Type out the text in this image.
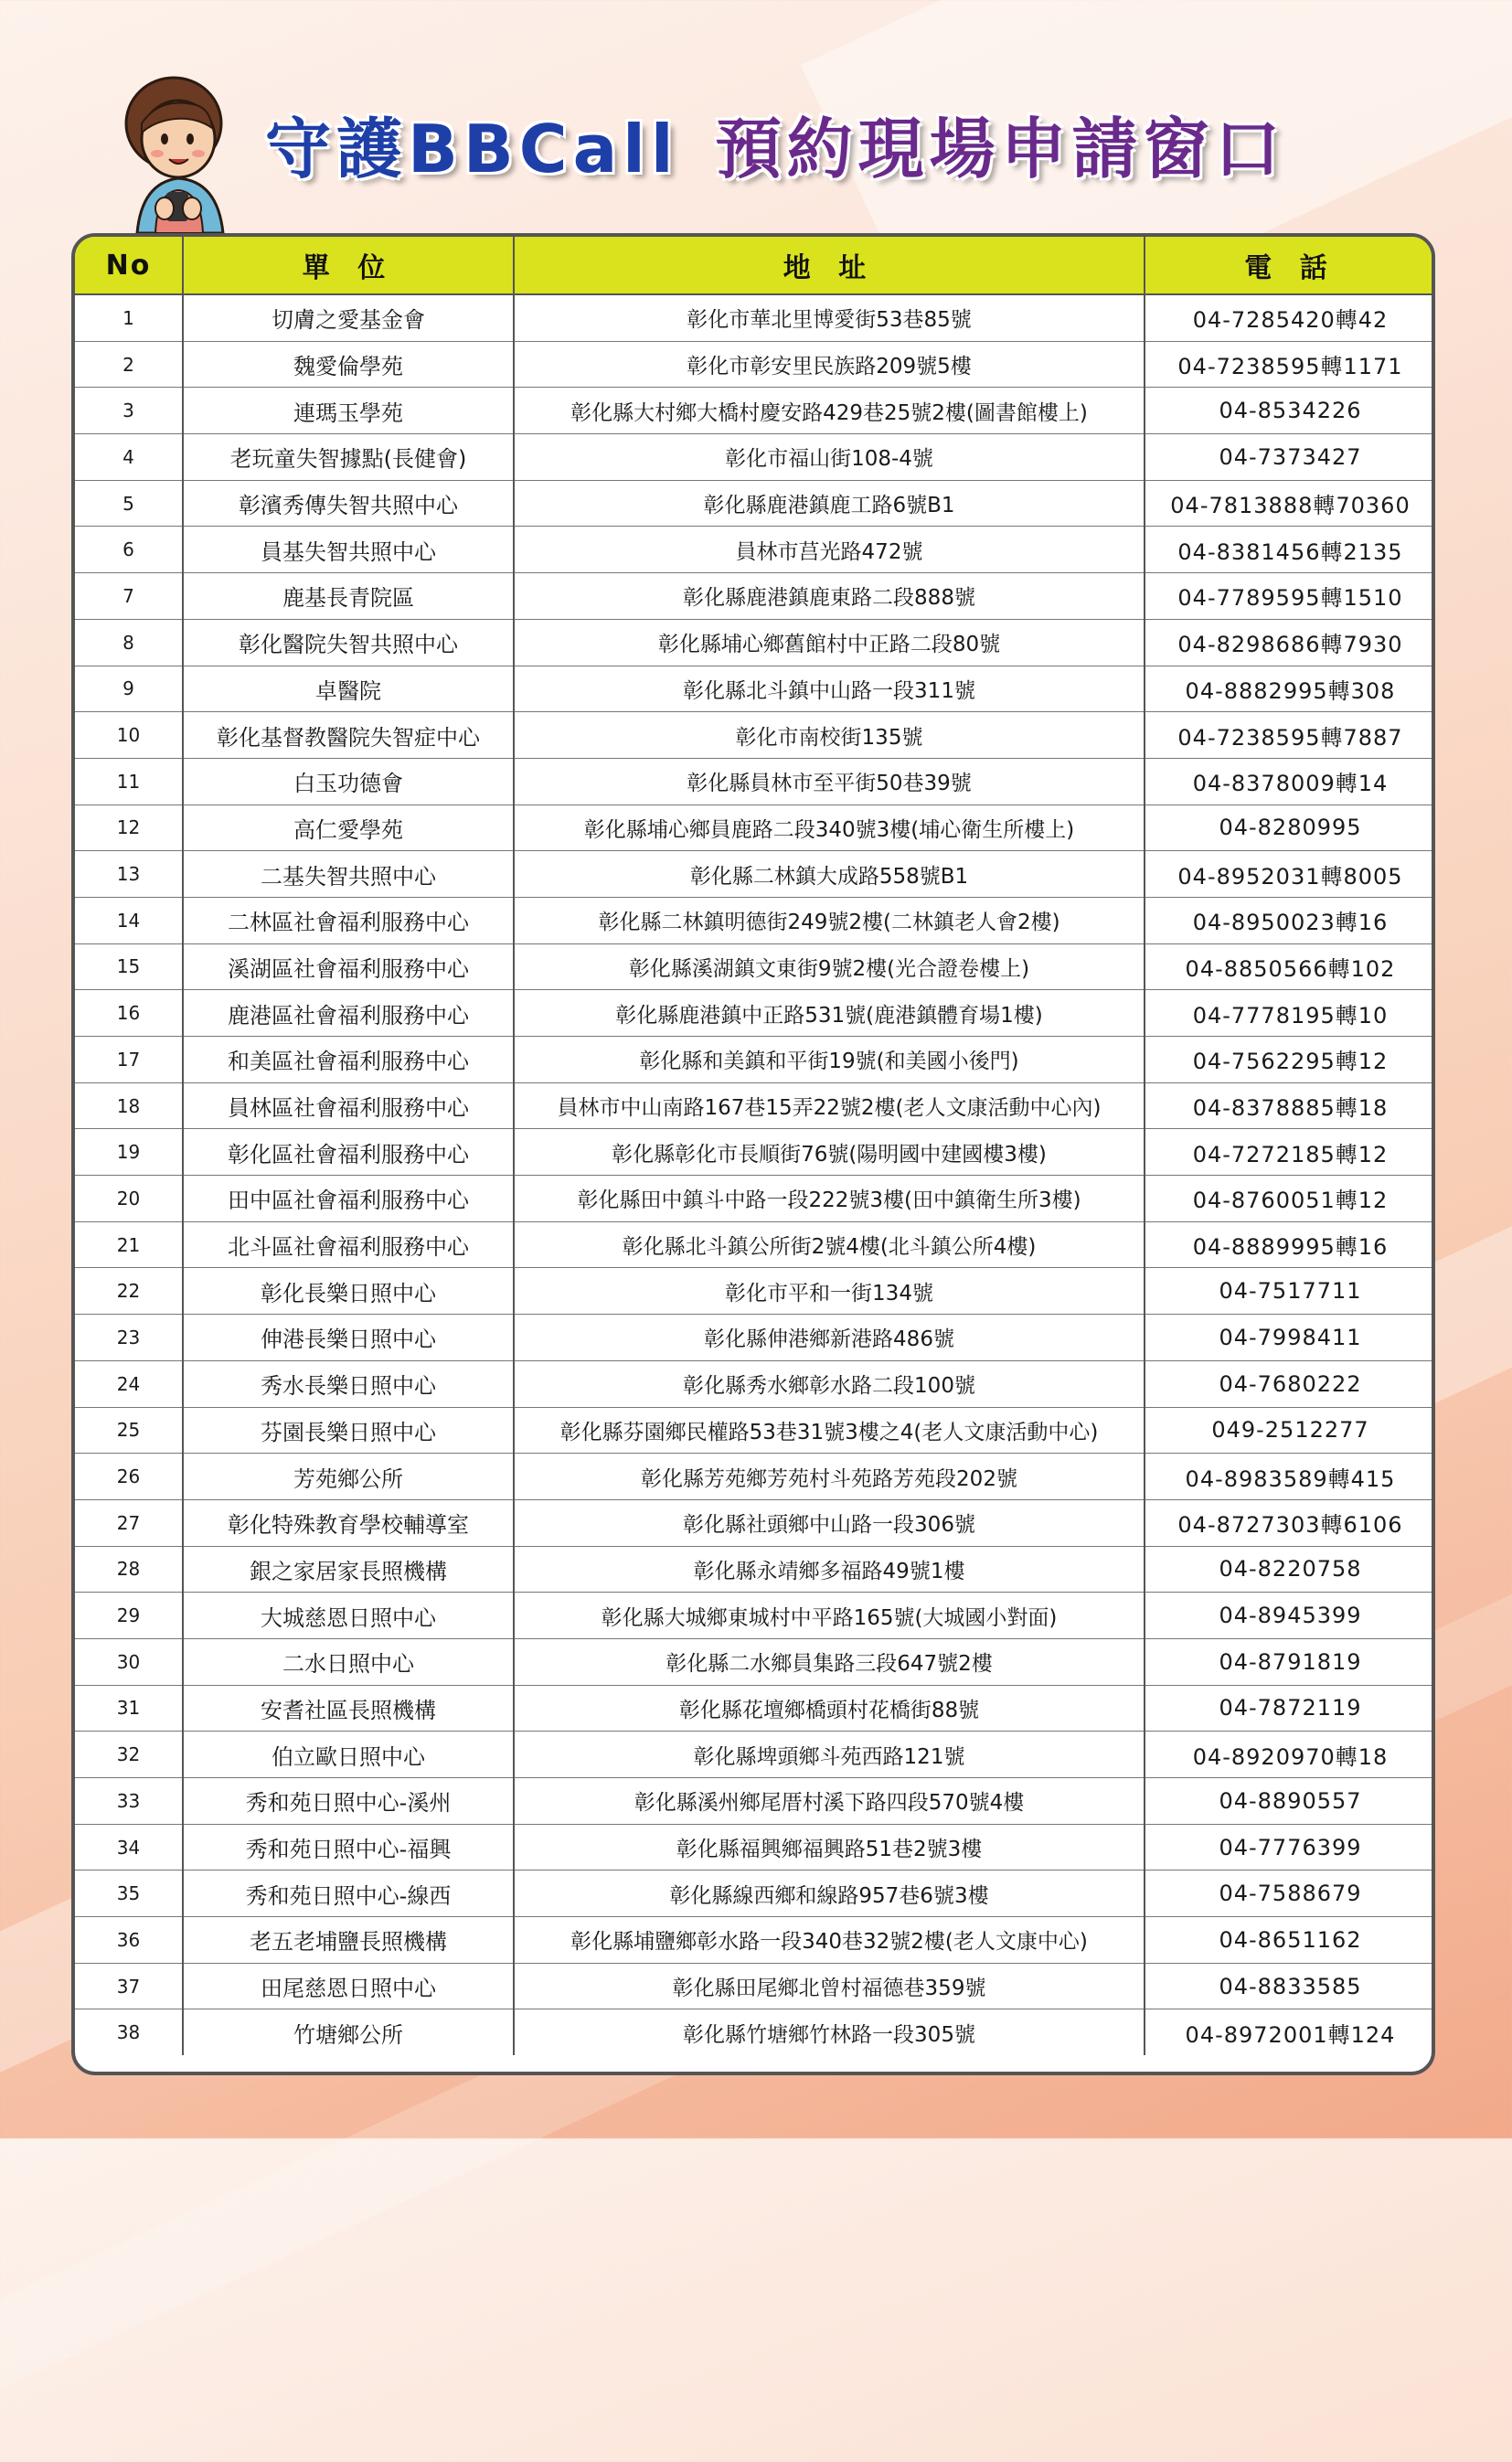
守護BBCall 預約現場申請窗口
No	單 位	地 址	電 話
1	切膚之愛基金會	彰化市華北里博愛街53巷85號	04-7285420轉42
2	魏愛倫學苑	彰化市彰安里民族路209號5樓	04-7238595轉1171
3	連瑪玉學苑	彰化縣大村鄉大橋村慶安路429巷25號2樓(圖書館樓上)	04-8534226
4	老玩童失智據點(長健會)	彰化市福山街108-4號	04-7373427
5	彰濱秀傳失智共照中心	彰化縣鹿港鎮鹿工路6號B1	04-7813888轉70360
6	員基失智共照中心	員林市莒光路472號	04-8381456轉2135
7	鹿基長青院區	彰化縣鹿港鎮鹿東路二段888號	04-7789595轉1510
8	彰化醫院失智共照中心	彰化縣埔心鄉舊館村中正路二段80號	04-8298686轉7930
9	卓醫院	彰化縣北斗鎮中山路一段311號	04-8882995轉308
10	彰化基督教醫院失智症中心	彰化市南校街135號	04-7238595轉7887
11	白玉功德會	彰化縣員林市至平街50巷39號	04-8378009轉14
12	高仁愛學苑	彰化縣埔心鄉員鹿路二段340號3樓(埔心衛生所樓上)	04-8280995
13	二基失智共照中心	彰化縣二林鎮大成路558號B1	04-8952031轉8005
14	二林區社會福利服務中心	彰化縣二林鎮明德街249號2樓(二林鎮老人會2樓)	04-8950023轉16
15	溪湖區社會福利服務中心	彰化縣溪湖鎮文東街9號2樓(光合證卷樓上)	04-8850566轉102
16	鹿港區社會福利服務中心	彰化縣鹿港鎮中正路531號(鹿港鎮體育場1樓)	04-7778195轉10
17	和美區社會福利服務中心	彰化縣和美鎮和平街19號(和美國小後門)	04-7562295轉12
18	員林區社會福利服務中心	員林市中山南路167巷15弄22號2樓(老人文康活動中心內)	04-8378885轉18
19	彰化區社會福利服務中心	彰化縣彰化市長順街76號(陽明國中建國樓3樓)	04-7272185轉12
20	田中區社會福利服務中心	彰化縣田中鎮斗中路一段222號3樓(田中鎮衛生所3樓)	04-8760051轉12
21	北斗區社會福利服務中心	彰化縣北斗鎮公所街2號4樓(北斗鎮公所4樓)	04-8889995轉16
22	彰化長樂日照中心	彰化市平和一街134號	04-7517711
23	伸港長樂日照中心	彰化縣伸港鄉新港路486號	04-7998411
24	秀水長樂日照中心	彰化縣秀水鄉彰水路二段100號	04-7680222
25	芬園長樂日照中心	彰化縣芬園鄉民權路53巷31號3樓之4(老人文康活動中心)	049-2512277
26	芳苑鄉公所	彰化縣芳苑鄉芳苑村斗苑路芳苑段202號	04-8983589轉415
27	彰化特殊教育學校輔導室	彰化縣社頭鄉中山路一段306號	04-8727303轉6106
28	銀之家居家長照機構	彰化縣永靖鄉多福路49號1樓	04-8220758
29	大城慈恩日照中心	彰化縣大城鄉東城村中平路165號(大城國小對面)	04-8945399
30	二水日照中心	彰化縣二水鄉員集路三段647號2樓	04-8791819
31	安耆社區長照機構	彰化縣花壇鄉橋頭村花橋街88號	04-7872119
32	伯立歐日照中心	彰化縣埤頭鄉斗苑西路121號	04-8920970轉18
33	秀和苑日照中心-溪州	彰化縣溪州鄉尾厝村溪下路四段570號4樓	04-8890557
34	秀和苑日照中心-福興	彰化縣福興鄉福興路51巷2號3樓	04-7776399
35	秀和苑日照中心-線西	彰化縣線西鄉和線路957巷6號3樓	04-7588679
36	老五老埔鹽長照機構	彰化縣埔鹽鄉彰水路一段340巷32號2樓(老人文康中心)	04-8651162
37	田尾慈恩日照中心	彰化縣田尾鄉北曾村福德巷359號	04-8833585
38	竹塘鄉公所	彰化縣竹塘鄉竹林路一段305號	04-8972001轉124
